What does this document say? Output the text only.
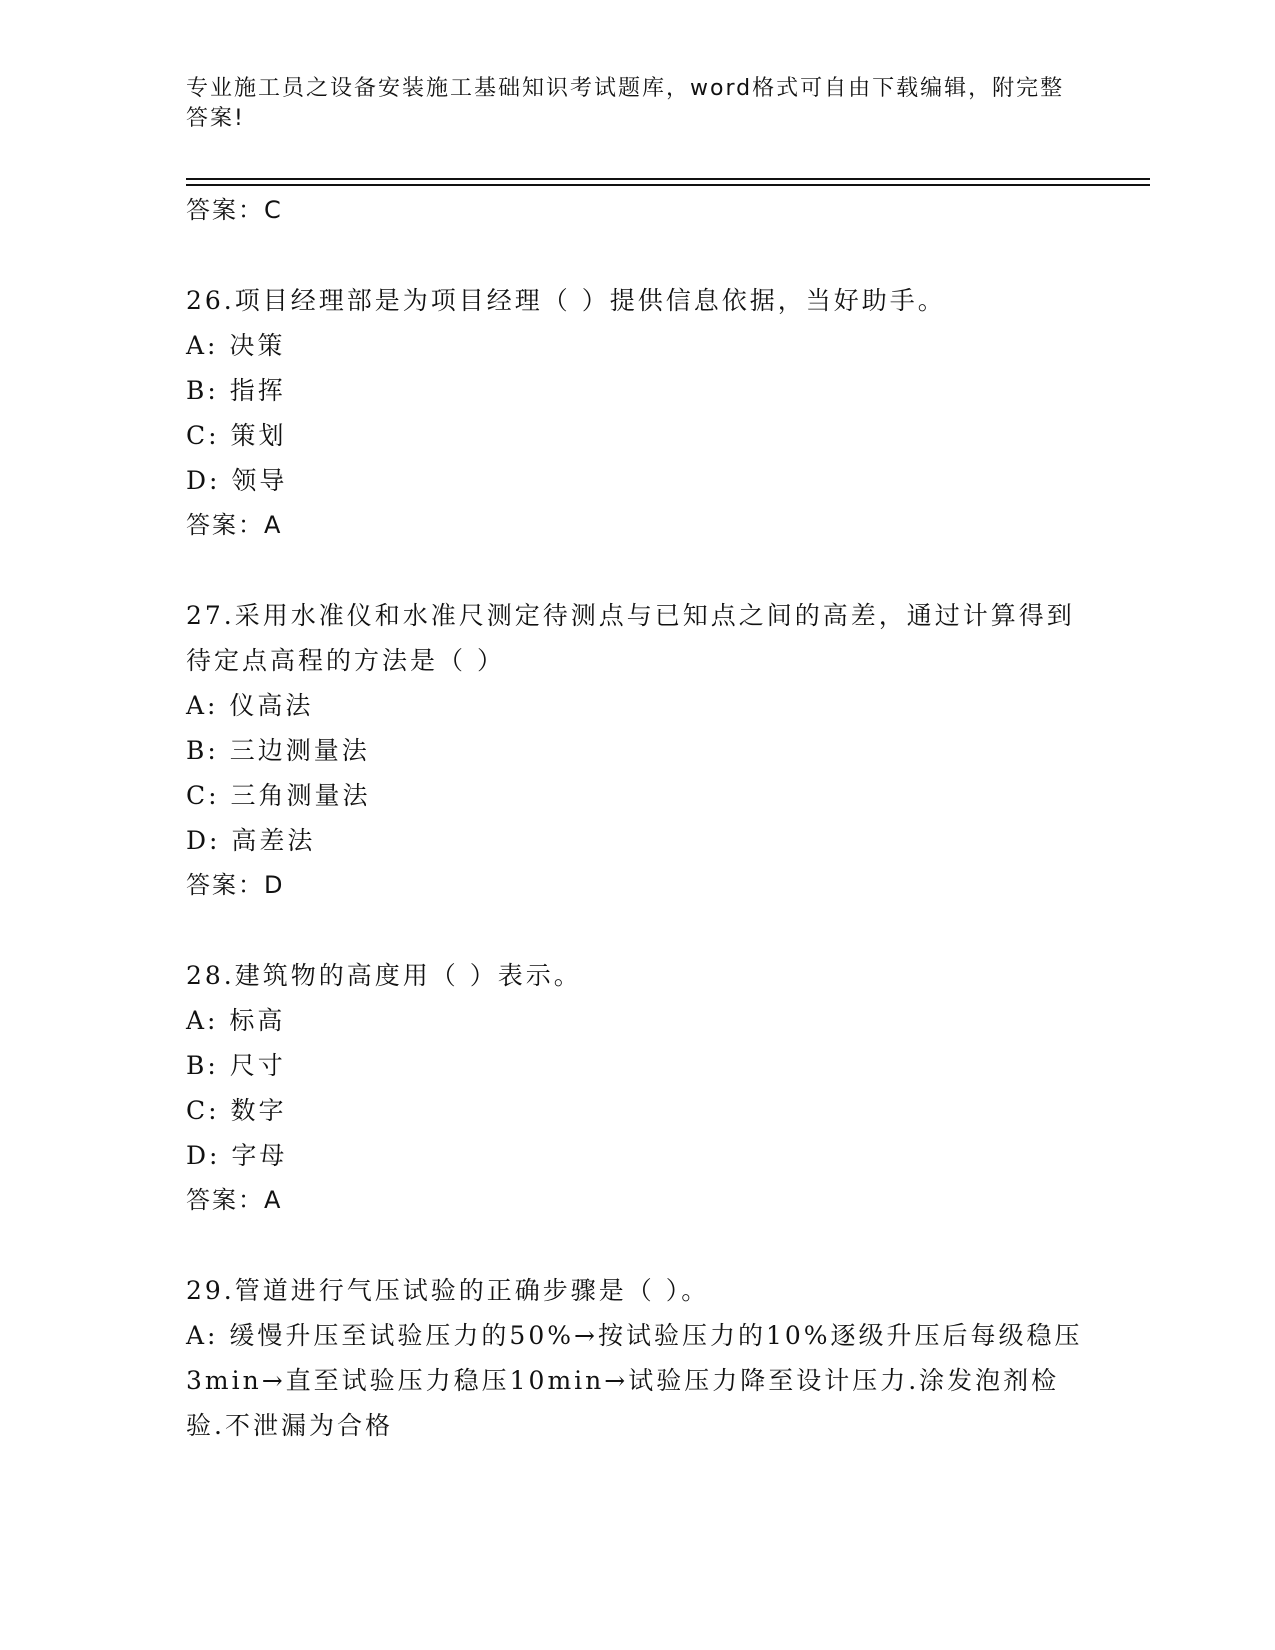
专业施工员之设备安装施工基础知识考试题库，word格式可自由下载编辑，附完整答案!

答案：C

26.项目经理部是为项目经理（ ）提供信息依据，当好助手。

A: 决策

B: 指挥

C: 策划

D: 领导

答案：A

27.采用水准仪和水准尺测定待测点与已知点之间的高差，通过计算得到待定点高程的方法是（ ）

A: 仪高法

B: 三边测量法

C: 三角测量法

D: 高差法

答案：D

28.建筑物的高度用（ ）表示。

A: 标高

B: 尺寸

C: 数字

D: 字母

答案：A

29.管道进行气压试验的正确步骤是（ ）。

A: 缓慢升压至试验压力的50%→按试验压力的10%逐级升压后每级稳压3min→直至试验压力稳压10min→试验压力降至设计压力.涂发泡剂检验.不泄漏为合格
